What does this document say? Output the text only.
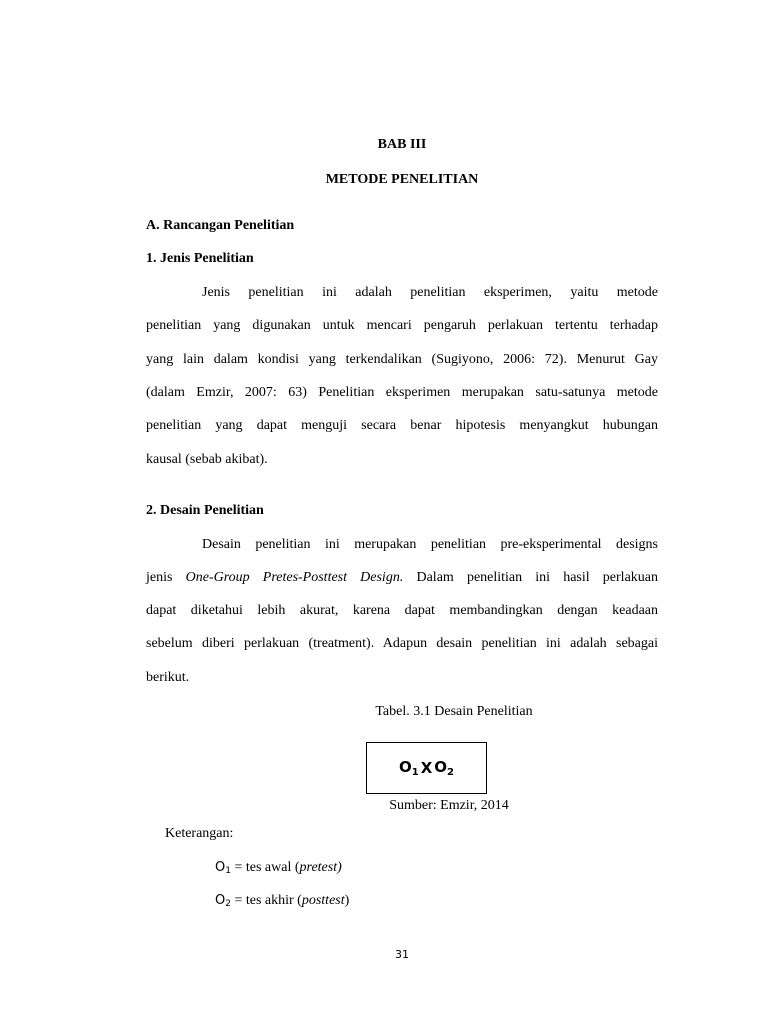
BAB III
METODE PENELITIAN
A. Rancangan Penelitian
1. Jenis Penelitian
Jenis penelitian ini adalah penelitian eksperimen, yaitu metode
penelitian yang digunakan untuk mencari pengaruh perlakuan tertentu terhadap
yang lain dalam kondisi yang terkendalikan (Sugiyono, 2006: 72). Menurut Gay
(dalam Emzir, 2007: 63) Penelitian eksperimen merupakan satu-satunya metode
penelitian yang dapat menguji secara benar hipotesis menyangkut hubungan
kausal (sebab akibat).
2. Desain Penelitian
Desain penelitian ini merupakan penelitian pre-eksperimental designs
jenis One-Group Pretes-Posttest Design. Dalam penelitian ini hasil perlakuan
dapat diketahui lebih akurat, karena dapat membandingkan dengan keadaan
sebelum diberi perlakuan (treatment). Adapun desain penelitian ini adalah sebagai
berikut.
Tabel. 3.1 Desain Penelitian
$O_1$ X $O_2$
Sumber: Emzir, 2014
Keterangan:
$O_1$ = tes awal (pretest)
$O_2$ = tes akhir (posttest)
31
